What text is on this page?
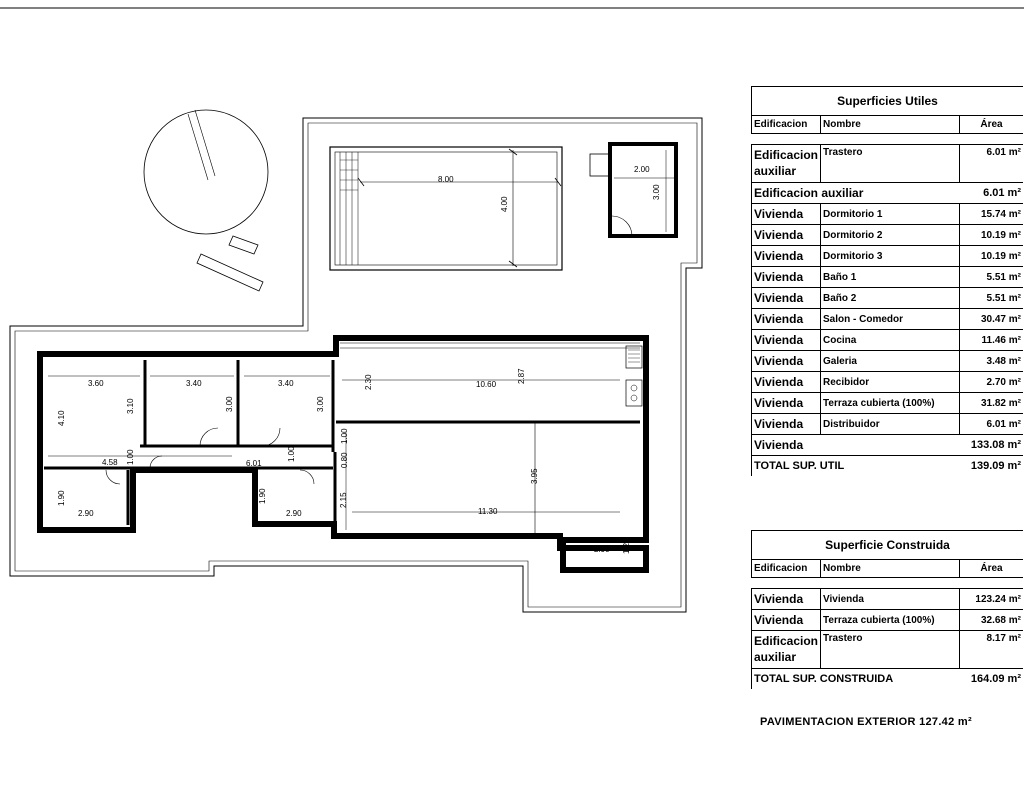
8.00
4.00
2.00
3.00
3.60	3.40	3.40
4.10
3.10	3.00	3.00
4.58 1.00	6.01
1.00
1.00
0.80
1.90
2.90
1.90
2.90
10.60
2.87
2.30
11.30
3.95
2.15
2.90 1.20
Superficies Utiles		
Edificacion	Nombre	Área

Edificacion auxiliar	Trastero	6.01 m²
Edificacion auxiliar		6.01 m²
Vivienda	Dormitorio 1	15.74 m²
Vivienda	Dormitorio 2	10.19 m²
Vivienda	Dormitorio 3	10.19 m²
Vivienda	Baño 1	5.51 m²
Vivienda	Baño 2	5.51 m²
Vivienda	Salon - Comedor	30.47 m²
Vivienda	Cocina	11.46 m²
Vivienda	Galeria	3.48 m²
Vivienda	Recibidor	2.70 m²
Vivienda	Terraza cubierta (100%)	31.82 m²
Vivienda	Distribuidor	6.01 m²
Vivienda		133.08 m²
TOTAL SUP. UTIL		139.09 m²
Superficie Construida		
Edificacion	Nombre	Área

Vivienda	Vivienda	123.24 m²
Vivienda	Terraza cubierta (100%)	32.68 m²
Edificacion auxiliar	Trastero	8.17 m²
TOTAL SUP. CONSTRUIDA		164.09 m²
PAVIMENTACION EXTERIOR 127.42 m²
